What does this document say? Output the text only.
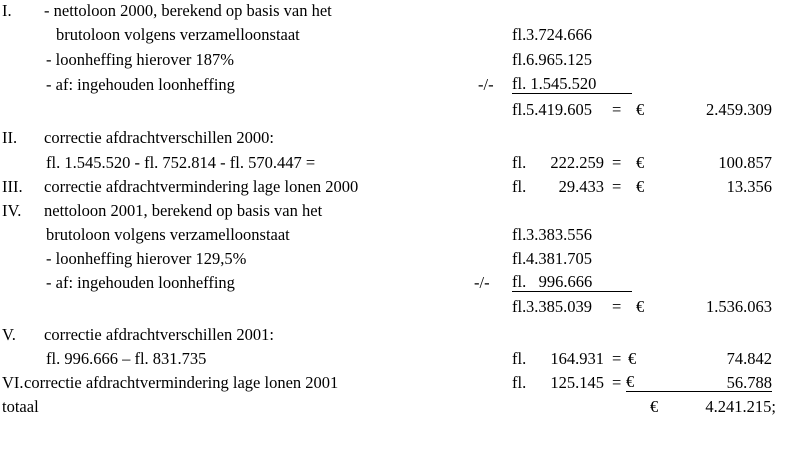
I. - nettoloon 2000, berekend op basis van het
brutoloon volgens verzamelloonstaat	fl. 3.724.666
- loonheffing hierover 187%	fl. 6.965.125
- af: ingehouden loonheffing	-/- fl. 1.545.520
fl. 5.419.605	= €	2.459.309
II. correctie afdrachtverschillen 2000:
fl. 1.545.520 - fl. 752.814 - fl. 570.447 =	fl.	222.259 = €	100.857
III. correctie afdrachtvermindering lage lonen 2000	fl.	29.433 = €	13.356
IV. nettoloon 2001, berekend op basis van het
brutoloon volgens verzamelloonstaat	fl. 3.383.556
- loonheffing hierover 129,5%	fl. 4.381.705
- af: ingehouden loonheffing	-/- fl. 996.666
fl. 3.385.039	= €	1.536.063
V. correctie afdrachtverschillen 2001:
fl. 996.666 – fl. 831.735	fl.	164.931 = €	74.842
VI. correctie afdrachtvermindering lage lonen 2001	fl.	125.145 = €	56.788
totaal	€	4.241.215;
